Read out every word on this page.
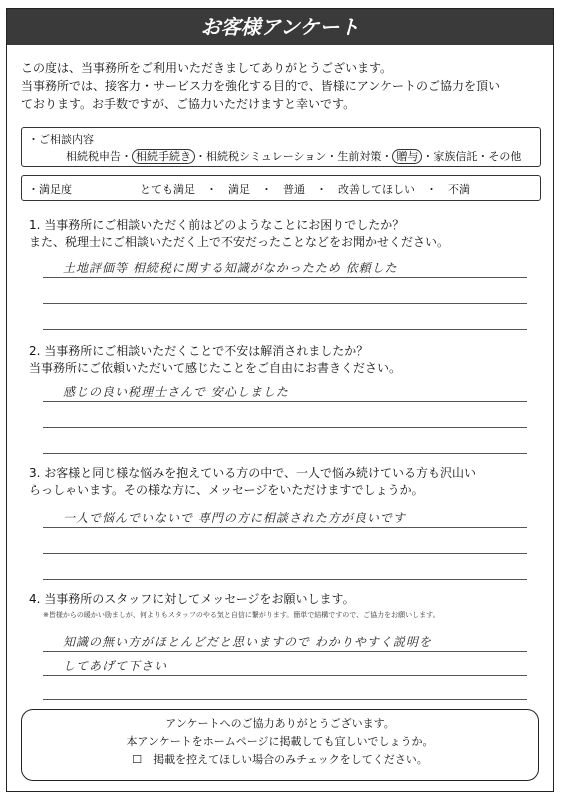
お客様アンケート

この度は、当事務所をご利用いただきましてありがとうございます。

当事務所では、接客力・サービス力を強化する目的で、皆様にアンケートのご協力を頂い

ております。お手数ですが、ご協力いただけますと幸いです。

・ご相談内容
相続税申告・ 相続手続き ・相続税シミュレーション・生前対策・ 贈与 ・家族信託・その他
・満足度	とても満足　・　満足　・　普通　・　改善してほしい　・　不満

1. 当事務所にご相談いただく前はどのようなことにお困りでしたか？

また、税理士にご相談いただく上で不安だったことなどをお聞かせください。

土地評価等 相続税に関する知識がなかったため 依頼した

2. 当事務所にご相談いただくことで不安は解消されましたか？

当事務所にご依頼いただいて感じたことをご自由にお書きください。

感じの良い税理士さんで 安心しました

3. お客様と同じ様な悩みを抱えている方の中で、一人で悩み続けている方も沢山い

らっしゃいます。その様な方に、メッセージをいただけますでしょうか。

一人で悩んでいないで 専門の方に相談された方が良いです

4. 当事務所のスタッフに対してメッセージをお願いします。

※皆様からの暖かい励ましが、何よりもスタッフのやる気と自信に繋がります。簡単で結構ですので、ご協力をお願いします。
知識の無い方がほとんどだと思いますので わかりやすく説明を
してあげて下さい

アンケートへのご協力ありがとうございます。

本アンケートをホームページに掲載しても宜しいでしょうか。

☐　掲載を控えてほしい場合のみチェックをしてください。
